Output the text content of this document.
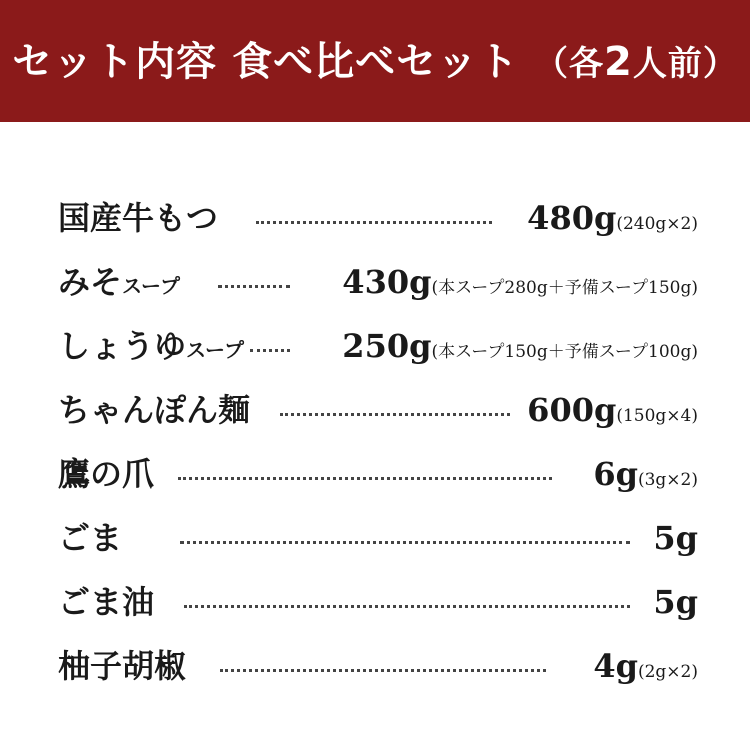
セット内容 食べ比べセット （各2人前）
国産牛もつ	480g(240g×2)
みそスープ	430g(本スープ280g＋予備スープ150g)
しょうゆスープ	250g(本スープ150g＋予備スープ100g)
ちゃんぽん麺	600g(150g×4)
鷹の爪	6g(3g×2)
ごま	5g
ごま油	5g
柚子胡椒	4g(2g×2)
